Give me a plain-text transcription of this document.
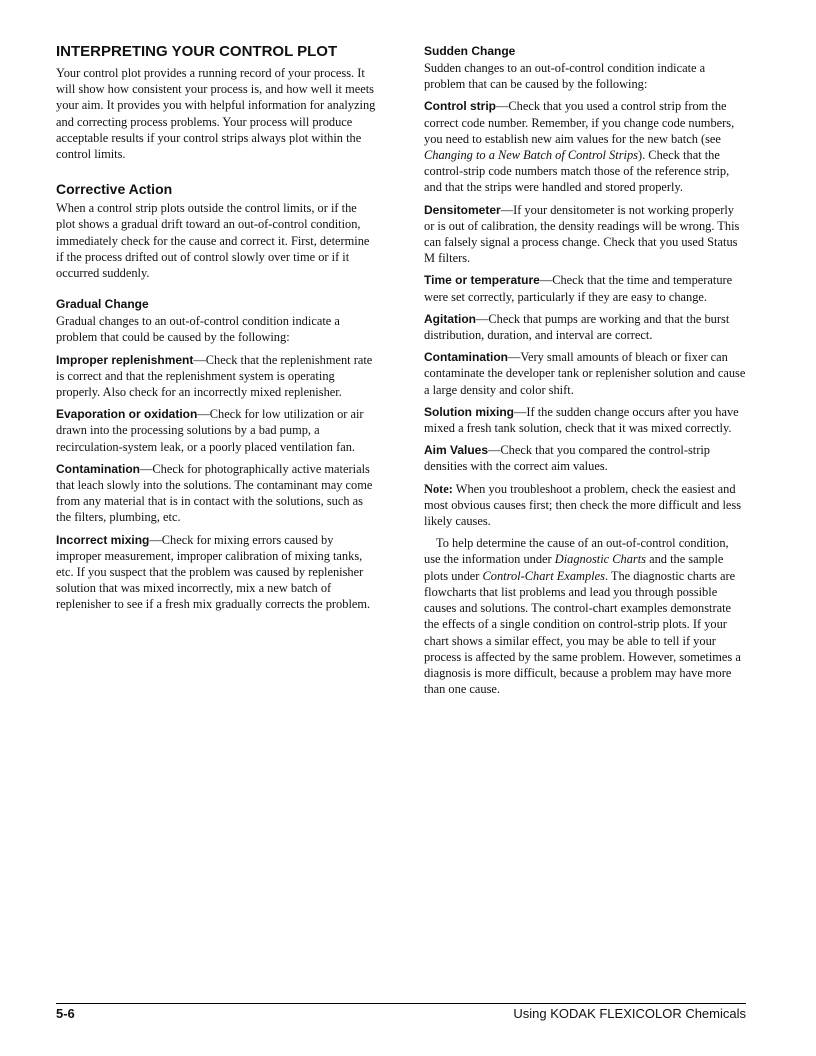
INTERPRETING YOUR CONTROL PLOT

Your control plot provides a running record of your process. It will show how consistent your process is, and how well it meets your aim. It provides you with helpful information for analyzing and correcting process problems. Your process will produce acceptable results if your control strips always plot within the control limits.

Corrective Action

When a control strip plots outside the control limits, or if the plot shows a gradual drift toward an out-of-control condition, immediately check for the cause and correct it. First, determine if the process drifted out of control slowly over time or if it occurred suddenly.

Gradual Change

Gradual changes to an out-of-control condition indicate a problem that could be caused by the following:

Improper replenishment—Check that the replenishment rate is correct and that the replenishment system is operating properly. Also check for an incorrectly mixed replenisher.

Evaporation or oxidation—Check for low utilization or air drawn into the processing solutions by a bad pump, a recirculation-system leak, or a poorly placed ventilation fan.

Contamination—Check for photographically active materials that leach slowly into the solutions. The contaminant may come from any material that is in contact with the solutions, such as the filters, plumbing, etc.

Incorrect mixing—Check for mixing errors caused by improper measurement, improper calibration of mixing tanks, etc. If you suspect that the problem was caused by replenisher solution that was mixed incorrectly, mix a new batch of replenisher to see if a fresh mix gradually corrects the problem.

Sudden Change

Sudden changes to an out-of-control condition indicate a problem that can be caused by the following:

Control strip—Check that you used a control strip from the correct code number. Remember, if you change code numbers, you need to establish new aim values for the new batch (see Changing to a New Batch of Control Strips). Check that the control-strip code numbers match those of the reference strip, and that the strips were handled and stored properly.

Densitometer—If your densitometer is not working properly or is out of calibration, the density readings will be wrong. This can falsely signal a process change. Check that you used Status M filters.

Time or temperature—Check that the time and temperature were set correctly, particularly if they are easy to change.

Agitation—Check that pumps are working and that the burst distribution, duration, and interval are correct.

Contamination—Very small amounts of bleach or fixer can contaminate the developer tank or replenisher solution and cause a large density and color shift.

Solution mixing—If the sudden change occurs after you have mixed a fresh tank solution, check that it was mixed correctly.

Aim Values—Check that you compared the control-strip densities with the correct aim values.

Note: When you troubleshoot a problem, check the easiest and most obvious causes first; then check the more difficult and less likely causes.

To help determine the cause of an out-of-control condition, use the information under Diagnostic Charts and the sample plots under Control-Chart Examples. The diagnostic charts are flowcharts that list problems and lead you through possible causes and solutions. The control-chart examples demonstrate the effects of a single condition on control-strip plots. If your chart shows a similar effect, you may be able to tell if your process is affected by the same problem. However, sometimes a diagnosis is more difficult, because a problem may have more than one cause.

5-6	Using KODAK FLEXICOLOR Chemicals
